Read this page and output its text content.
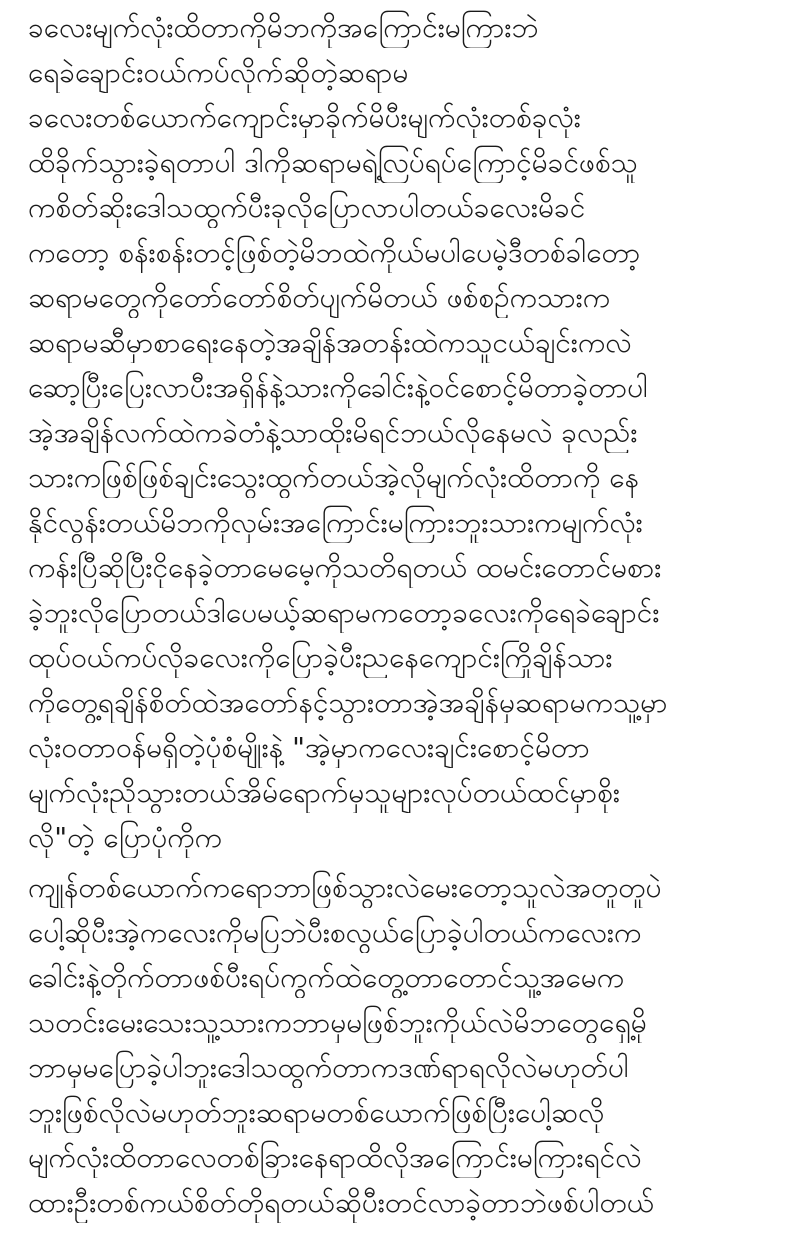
ခလေးမျက်လုံးထိတာကိုမိဘကိုအကြောင်းမကြားဘဲ
ရေခဲချောင်းဝယ်ကပ်လိုက်ဆိုတဲ့ဆရာမ
ခလေးတစ်ယောက်ကျောင်းမှာခိုက်မိပီးမျက်လုံးတစ်ခုလုံး
ထိခိုက်သွားခဲ့ရတာပါ ဒါကိုဆရာမရဲ့လြပ်ရပ်ကြောင့်မိခင်ဖစ်သူ
ကစိတ်ဆိုးဒေါသထွက်ပီးခုလိုပြောလာပါတယ်ခလေးမိခင်
ကတော့ စန်းစန်းတင့်ဖြစ်တဲ့မိဘထဲကိုယ်မပါပေမဲ့ဒီတစ်ခါတော့
ဆရာမတွေကိုတော်တော်စိတ်ပျက်မိတယ် ဖစ်စဥ်ကသားက
ဆရာမဆီမှာစာရေးနေတဲ့အချိန်အတန်းထဲကသူငယ်ချင်းကလဲ
ဆော့ပြီးပြေးလာပီးအရှိန်နဲ့သားကိုခေါင်းနဲ့ဝင်စောင့်မိတာခဲ့တာပါ
အဲ့အချိန်လက်ထဲကခဲတံနဲ့သာထိုးမိရင်ဘယ်လိုနေမလဲ ခုလည်း
သားကဖြစ်ဖြစ်ချင်းသွေးထွက်တယ်အဲ့လိုမျက်လုံးထိတာကို နေ
နိုင်လွန်းတယ်မိဘကိုလှမ်းအကြောင်းမကြားဘူးသားကမျက်လုံး
ကန်းပြီဆိုပြီးငိုနေခဲ့တာမေမေ့ကိုသတိရတယ် ထမင်းတောင်မစား
ခဲ့ဘူးလိုပြောတယ်ဒါပေမယ့်ဆရာမကတော့ခလေးကိုရေခဲချောင်း
ထုပ်ဝယ်ကပ်လိုခလေးကိုပြောခဲ့ပီးညနေကျောင်းကြိုချိန်သား
ကိုတွေ့ရချိန်စိတ်ထဲအတော်နင့်သွားတာအဲ့အချိန်မှဆရာမကသူ့မှာ
လုံးဝတာဝန်မရှိတဲ့ပုံစံမျိုးနဲ့ "အဲ့မှာကလေးချင်းစောင့်မိတာ
မျက်လုံးညိုသွားတယ်အိမ်ရောက်မှသူများလုပ်တယ်ထင်မှာစိုး
လို"တဲ့ ပြောပုံကိုက
ကျုန်တစ်ယောက်ကရောဘာဖြစ်သွားလဲမေးတော့သူလဲအတူတူပဲ
ပေါ့ဆိုပီးအဲ့ကလေးကိုမပြဘဲပီးစလွယ်ပြောခဲ့ပါတယ်ကလေးက
ခေါင်းနဲ့တိုက်တာဖစ်ပီးရပ်ကွက်ထဲတွေ့တာတောင်သူ့အမေက
သတင်းမေးသေးသူ့သားကဘာမှမဖြစ်ဘူးကိုယ်လဲမိဘတွေရှေ့မို
ဘာမှမပြောခဲ့ပါဘူးဒေါသထွက်တာကဒဏ်ရာရလိုလဲမဟုတ်ပါ
ဘူးဖြစ်လိုလဲမဟုတ်ဘူးဆရာမတစ်ယောက်ဖြစ်ပြီးပေါ့ဆလို
မျက်လုံးထိတာလေတစ်ခြားနေရာထိလိုအကြောင်းမကြားရင်လဲ
ထားဦးတစ်ကယ်စိတ်တိုရတယ်ဆိုပီးတင်လာခဲ့တာဘဲဖစ်ပါတယ်
